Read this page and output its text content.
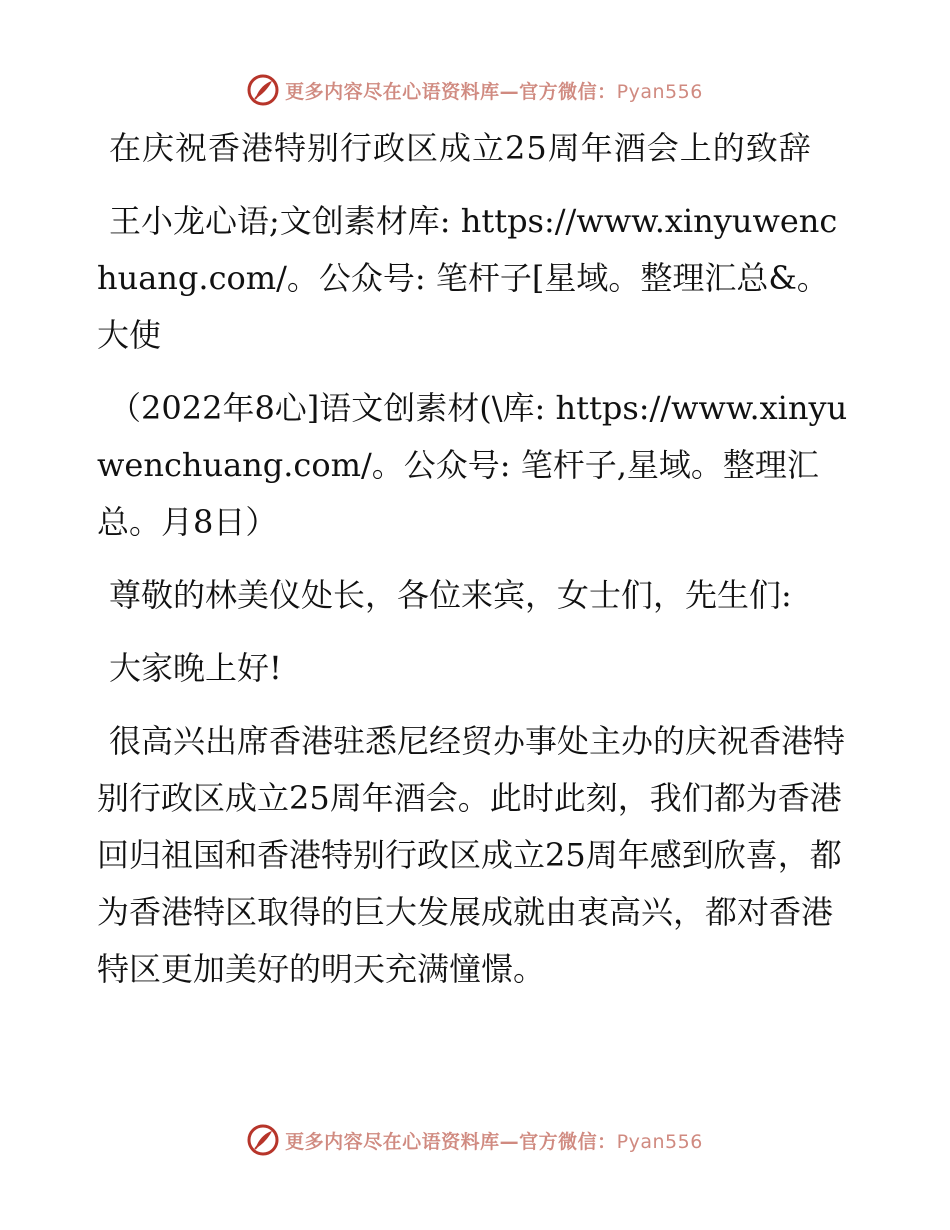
更多内容尽在心语资料库—官方微信：Pyan556

在庆祝香港特别行政区成立25周年酒会上的致辞

王小龙心语;文创素材库: https://www.xinyuwenchuang.com/。公众号: 笔杆子[星域。整理汇总&。大使

（2022年8心]语文创素材(\库: https://www.xinyuwenchuang.com/。公众号: 笔杆子,星域。整理汇总。月8日）

尊敬的林美仪处长，各位来宾，女士们，先生们:

大家晚上好!

很高兴出席香港驻悉尼经贸办事处主办的庆祝香港特别行政区成立25周年酒会。此时此刻，我们都为香港回归祖国和香港特别行政区成立25周年感到欣喜，都为香港特区取得的巨大发展成就由衷高兴，都对香港特区更加美好的明天充满憧憬。

更多内容尽在心语资料库—官方微信：Pyan556
